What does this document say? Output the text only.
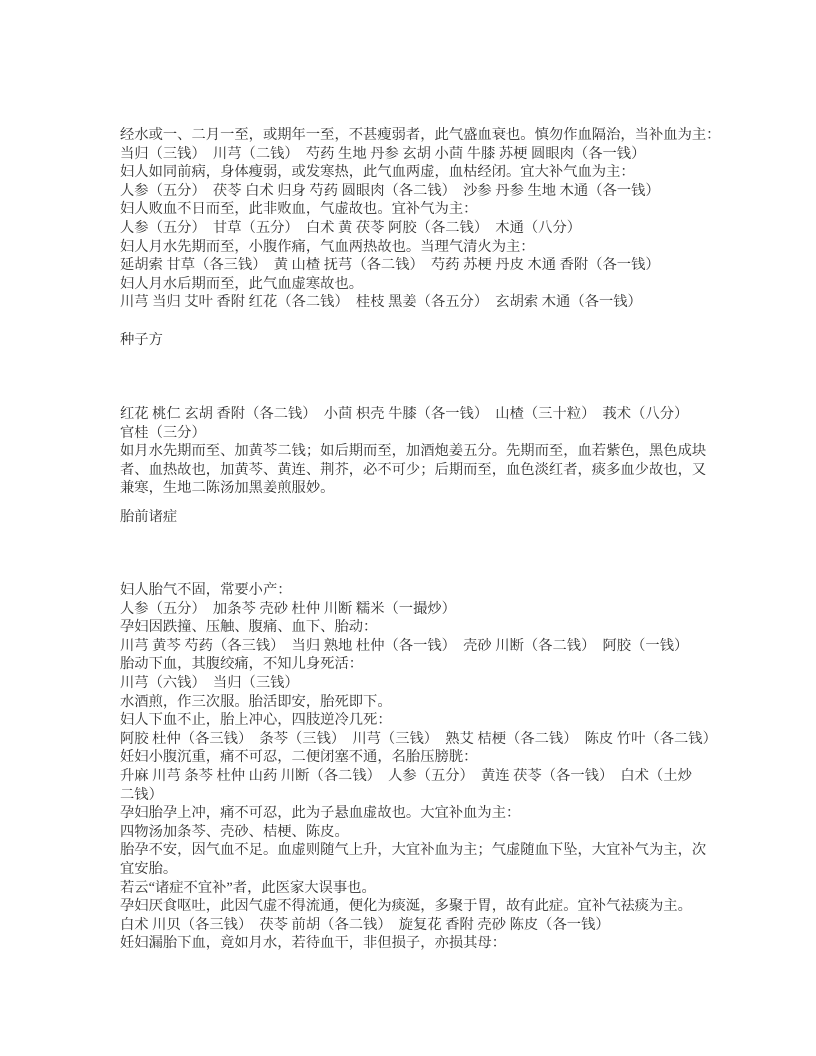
经水或一、二月一至，或期年一至，不甚瘦弱者，此气盛血衰也。慎勿作血隔治，当补血为主：
当归（三钱）　川芎（二钱）　芍药 生地 丹参 玄胡 小茴 牛膝 苏梗 圆眼肉（各一钱）
妇人如同前病，身体瘦弱，或发寒热，此气血两虚，血枯经闭。宜大补气血为主：
人参（五分）　茯苓 白术 归身 芍药 圆眼肉（各二钱）　沙参 丹参 生地 木通（各一钱）
妇人败血不日而至，此非败血，气虚故也。宜补气为主：
人参（五分）　甘草（五分）　白术 黄 茯苓 阿胶（各二钱）　木通（八分）
妇人月水先期而至，小腹作痛，气血两热故也。当理气清火为主：
延胡索 甘草（各三钱）　黄 山楂 抚芎（各二钱）　芍药 苏梗 丹皮 木通 香附（各一钱）
妇人月水后期而至，此气血虚寒故也。
川芎 当归 艾叶 香附 红花（各二钱）　桂枝 黑姜（各五分）　玄胡索 木通（各一钱）
种子方
红花 桃仁 玄胡 香附（各二钱）　小茴 枳壳 牛膝（各一钱）　山楂（三十粒）　莪术（八分）
官桂（三分）
如月水先期而至、加黄芩二钱；如后期而至，加酒炮姜五分。先期而至，血若紫色，黑色成块
者、血热故也，加黄芩、黄连、荆芥，必不可少；后期而至，血色淡红者，痰多血少故也，又
兼寒，生地二陈汤加黑姜煎服妙。
胎前诸症
妇人胎气不固，常要小产：
人参（五分）　加条芩 壳砂 杜仲 川断 糯米（一撮炒）
孕妇因跌撞、压触、腹痛、血下、胎动：
川芎 黄芩 芍药（各三钱）　当归 熟地 杜仲（各一钱）　壳砂 川断（各二钱）　阿胶（一钱）
胎动下血，其腹绞痛，不知儿身死活：
川芎（六钱）　当归（三钱）
水酒煎，作三次服。胎活即安，胎死即下。
妇人下血不止，胎上冲心，四肢逆冷几死：
阿胶 杜仲（各三钱）　条芩（三钱）　川芎（三钱）　熟艾 桔梗（各二钱）　陈皮 竹叶（各二钱）
妊妇小腹沉重，痛不可忍，二便闭塞不通，名胎压膀胱：
升麻 川芎 条芩 杜仲 山药 川断（各二钱）　人参（五分）　黄连 茯苓（各一钱）　白术（土炒
二钱）
孕妇胎孕上冲，痛不可忍，此为子悬血虚故也。大宜补血为主：
四物汤加条芩、壳砂、桔梗、陈皮。
胎孕不安，因气血不足。血虚则随气上升，大宜补血为主；气虚随血下坠，大宜补气为主，次
宜安胎。
若云“诸症不宜补”者，此医家大误事也。
孕妇厌食呕吐，此因气虚不得流通，便化为痰涎，多聚于胃，故有此症。宜补气祛痰为主。
白术 川贝（各三钱）　茯苓 前胡（各二钱）　旋复花 香附 壳砂 陈皮（各一钱）
妊妇漏胎下血，竟如月水，若待血干，非但损子，亦损其母：
